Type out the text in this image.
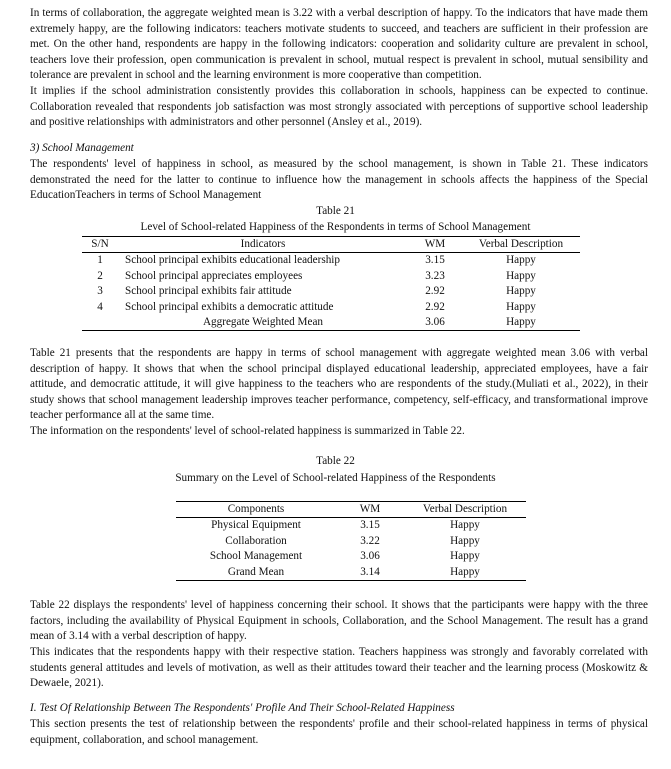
In terms of collaboration, the aggregate weighted mean is 3.22 with a verbal description of happy. To the indicators that have made them extremely happy, are the following indicators: teachers motivate students to succeed, and teachers are sufficient in their profession are met. On the other hand, respondents are happy in the following indicators: cooperation and solidarity culture are prevalent in school, teachers love their profession, open communication is prevalent in school, mutual respect is prevalent in school, mutual sensibility and tolerance are prevalent in school and the learning environment is more cooperative than competition.

It implies if the school administration consistently provides this collaboration in schools, happiness can be expected to continue. Collaboration revealed that respondents job satisfaction was most strongly associated with perceptions of supportive school leadership and positive relationships with administrators and other personnel (Ansley et al., 2019).

3) School Management

The respondents' level of happiness in school, as measured by the school management, is shown in Table 21. These indicators demonstrated the need for the latter to continue to influence how the management in schools affects the happiness of the Special EducationTeachers in terms of School Management

Table 21

Level of School-related Happiness of the Respondents in terms of School Management

S/N	Indicators	WM	Verbal Description
1	School principal exhibits educational leadership	3.15	Happy
2	School principal appreciates employees	3.23	Happy
3	School principal exhibits fair attitude	2.92	Happy
4	School principal exhibits a democratic attitude	2.92	Happy
	Aggregate Weighted Mean	3.06	Happy

Table 21 presents that the respondents are happy in terms of school management with aggregate weighted mean 3.06 with verbal description of happy. It shows that when the school principal displayed educational leadership, appreciated employees, have a fair attitude, and democratic attitude, it will give happiness to the teachers who are respondents of the study.(Muliati et al., 2022), in their study shows that school management leadership improves teacher performance, competency, self-efficacy, and transformational improve teacher performance all at the same time.

The information on the respondents' level of school-related happiness is summarized in Table 22.

Table 22

Summary on the Level of School-related Happiness of the Respondents

Components	WM	Verbal Description
Physical Equipment	3.15	Happy
Collaboration	3.22	Happy
School Management	3.06	Happy
Grand Mean	3.14	Happy

Table 22 displays the respondents' level of happiness concerning their school. It shows that the participants were happy with the three factors, including the availability of Physical Equipment in schools, Collaboration, and the School Management. The result has a grand mean of 3.14 with a verbal description of happy.

This indicates that the respondents happy with their respective station. Teachers happiness was strongly and favorably correlated with students general attitudes and levels of motivation, as well as their attitudes toward their teacher and the learning process (Moskowitz & Dewaele, 2021).

I. Test Of Relationship Between The Respondents' Profile And Their School-Related Happiness

This section presents the test of relationship between the respondents' profile and their school-related happiness in terms of physical equipment, collaboration, and school management.
